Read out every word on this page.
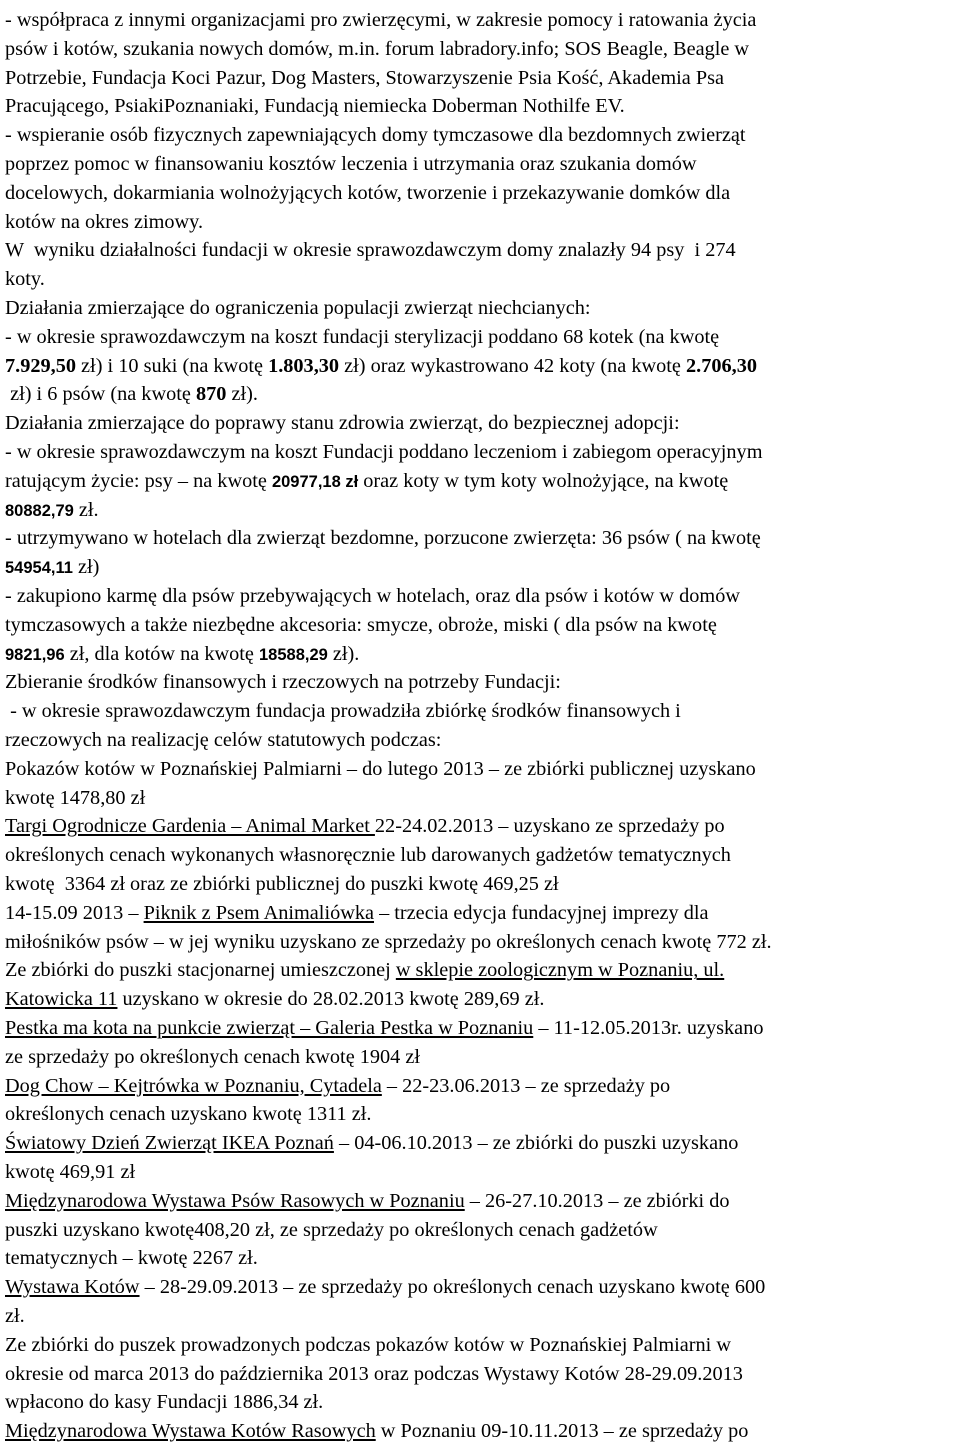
- współpraca z innymi organizacjami pro zwierzęcymi, w zakresie pomocy i ratowania życia
psów i kotów, szukania nowych domów, m.in. forum labradory.info; SOS Beagle, Beagle w
Potrzebie, Fundacja Koci Pazur, Dog Masters, Stowarzyszenie Psia Kość, Akademia Psa
Pracującego, PsiakiPoznaniaki, Fundacją niemiecka Doberman Nothilfe EV.
- wspieranie osób fizycznych zapewniających domy tymczasowe dla bezdomnych zwierząt
poprzez pomoc w finansowaniu kosztów leczenia i utrzymania oraz szukania domów
docelowych, dokarmiania wolnożyjących kotów, tworzenie i przekazywanie domków dla
kotów na okres zimowy.
W  wyniku działalności fundacji w okresie sprawozdawczym domy znalazły 94 psy  i 274
koty.
Działania zmierzające do ograniczenia populacji zwierząt niechcianych:
- w okresie sprawozdawczym na koszt fundacji sterylizacji poddano 68 kotek (na kwotę
7.929,50 zł) i 10 suki (na kwotę 1.803,30 zł) oraz wykastrowano 42 koty (na kwotę 2.706,30
zł) i 6 psów (na kwotę 870 zł).
Działania zmierzające do poprawy stanu zdrowia zwierząt, do bezpiecznej adopcji:
- w okresie sprawozdawczym na koszt Fundacji poddano leczeniom i zabiegom operacyjnym
ratującym życie: psy – na kwotę 20977,18 zł oraz koty w tym koty wolnożyjące, na kwotę
80882,79 zł.
- utrzymywano w hotelach dla zwierząt bezdomne, porzucone zwierzęta: 36 psów ( na kwotę
54954,11 zł)
- zakupiono karmę dla psów przebywających w hotelach, oraz dla psów i kotów w domów
tymczasowych a także niezbędne akcesoria: smycze, obroże, miski ( dla psów na kwotę
9821,96 zł, dla kotów na kwotę 18588,29 zł).
Zbieranie środków finansowych i rzeczowych na potrzeby Fundacji:
- w okresie sprawozdawczym fundacja prowadziła zbiórkę środków finansowych i
rzeczowych na realizację celów statutowych podczas:
Pokazów kotów w Poznańskiej Palmiarni – do lutego 2013 – ze zbiórki publicznej uzyskano
kwotę 1478,80 zł
Targi Ogrodnicze Gardenia – Animal Market 22-24.02.2013 – uzyskano ze sprzedaży po
określonych cenach wykonanych własnoręcznie lub darowanych gadżetów tematycznych
kwotę  3364 zł oraz ze zbiórki publicznej do puszki kwotę 469,25 zł
14-15.09 2013 – Piknik z Psem Animaliówka – trzecia edycja fundacyjnej imprezy dla
miłośników psów – w jej wyniku uzyskano ze sprzedaży po określonych cenach kwotę 772 zł.
Ze zbiórki do puszki stacjonarnej umieszczonej w sklepie zoologicznym w Poznaniu, ul.
Katowicka 11 uzyskano w okresie do 28.02.2013 kwotę 289,69 zł.
Pestka ma kota na punkcie zwierząt – Galeria Pestka w Poznaniu – 11-12.05.2013r. uzyskano
ze sprzedaży po określonych cenach kwotę 1904 zł
Dog Chow – Kejtrówka w Poznaniu, Cytadela – 22-23.06.2013 – ze sprzedaży po
określonych cenach uzyskano kwotę 1311 zł.
Światowy Dzień Zwierząt IKEA Poznań – 04-06.10.2013 – ze zbiórki do puszki uzyskano
kwotę 469,91 zł
Międzynarodowa Wystawa Psów Rasowych w Poznaniu – 26-27.10.2013 – ze zbiórki do
puszki uzyskano kwotę408,20 zł, ze sprzedaży po określonych cenach gadżetów
tematycznych – kwotę 2267 zł.
Wystawa Kotów – 28-29.09.2013 – ze sprzedaży po określonych cenach uzyskano kwotę 600
zł.
Ze zbiórki do puszek prowadzonych podczas pokazów kotów w Poznańskiej Palmiarni w
okresie od marca 2013 do października 2013 oraz podczas Wystawy Kotów 28-29.09.2013
wpłacono do kasy Fundacji 1886,34 zł.
Międzynarodowa Wystawa Kotów Rasowych w Poznaniu 09-10.11.2013 – ze sprzedaży po
